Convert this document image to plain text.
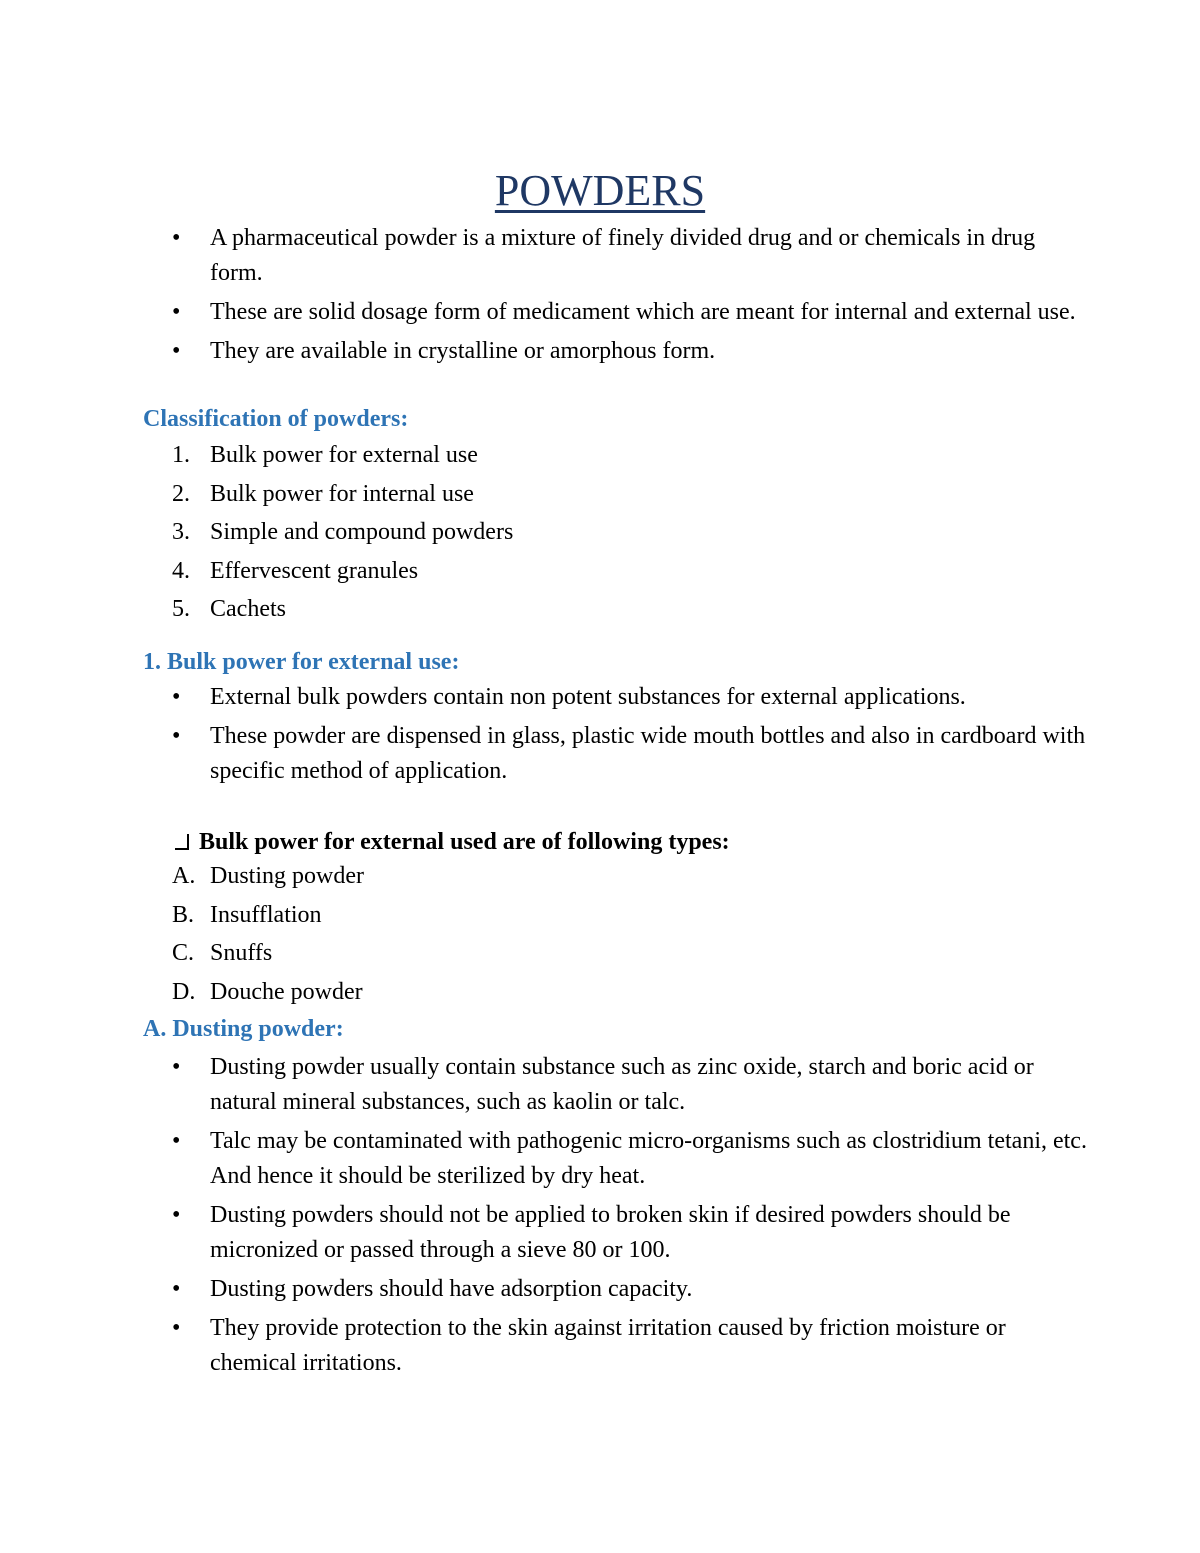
POWDERS
• A pharmaceutical powder is a mixture of finely divided drug and or chemicals in drug form.
• These are solid dosage form of medicament which are meant for internal and external use.
• They are available in crystalline or amorphous form.
Classification of powders:
1. Bulk power for external use
2. Bulk power for internal use
3. Simple and compound powders
4. Effervescent granules
5. Cachets
1. Bulk power for external use:
• External bulk powders contain non potent substances for external applications.
• These powder are dispensed in glass, plastic wide mouth bottles and also in cardboard with specific method of application.
Bulk power for external used are of following types:
A. Dusting powder
B. Insufflation
C. Snuffs
D. Douche powder
A. Dusting powder:
• Dusting powder usually contain substance such as zinc oxide, starch and boric acid or natural mineral substances, such as kaolin or talc.
• Talc may be contaminated with pathogenic micro-organisms such as clostridium tetani, etc. And hence it should be sterilized by dry heat.
• Dusting powders should not be applied to broken skin if desired powders should be micronized or passed through a sieve 80 or 100.
• Dusting powders should have adsorption capacity.
• They provide protection to the skin against irritation caused by friction moisture or chemical irritations.
